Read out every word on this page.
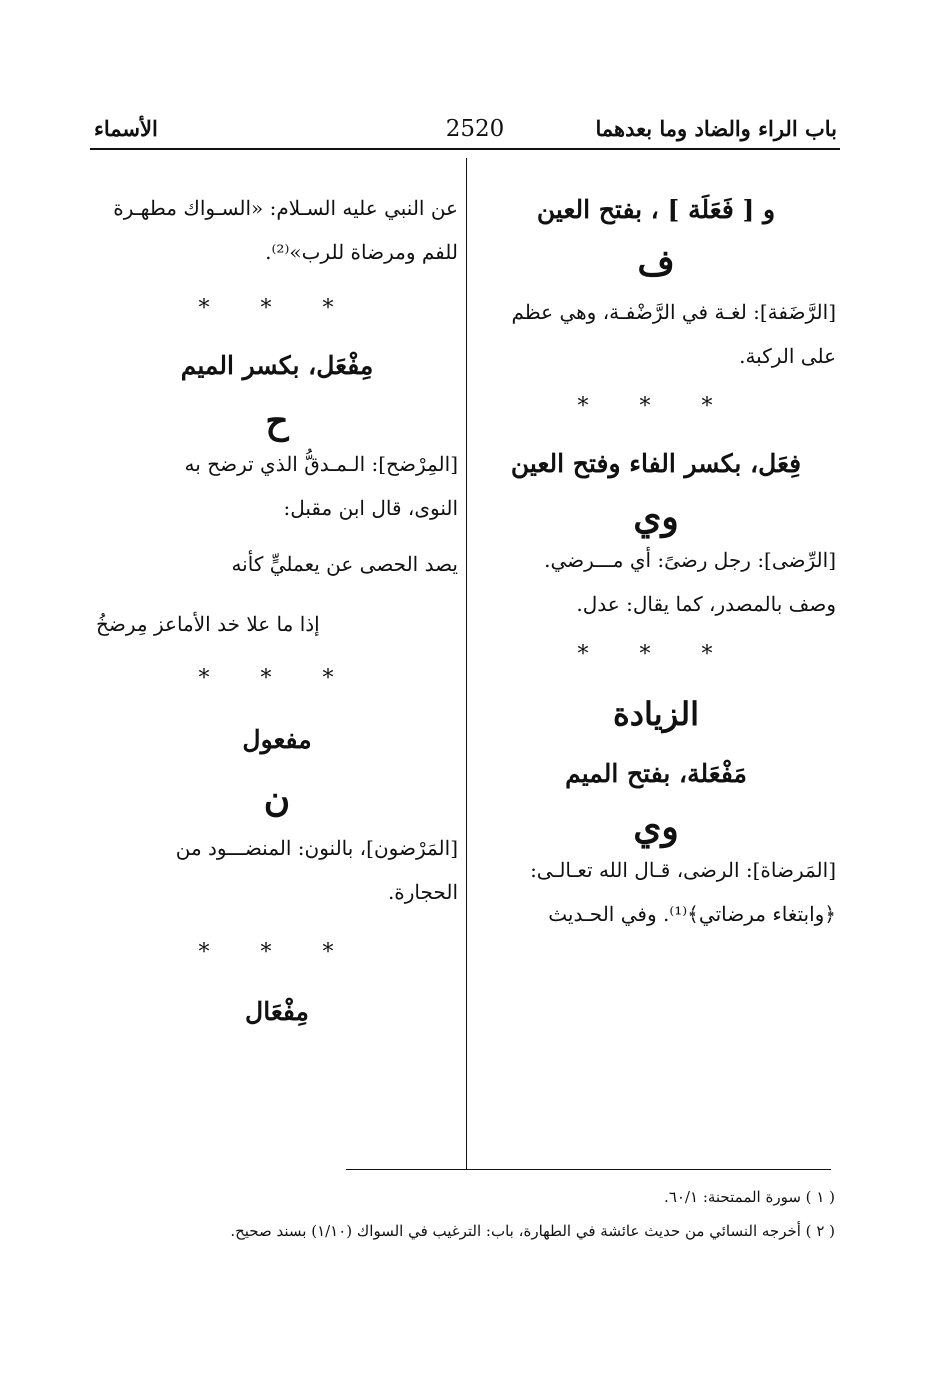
باب الراء والضاد وما بعدهما
2520
الأسماء
و [ فَعَلَة ] ، بفتح العين
ف
[الرَّضَفة]: لغـة في الرَّضْفـة، وهي عظم
على الركبة.
* * *
فِعَل، بكسر الفاء وفتح العين
وي
[الرِّضى]: رجل رضىً: أي مـــرضي.
وصف بالمصدر، كما يقال: عدل.
* * *
الزيادة
مَفْعَلة، بفتح الميم
وي
[المَرضاة]: الرضى، قـال الله تعـالـى:
﴿وابتغاء مرضاتي﴾⁽¹⁾. وفي الحـديث
عن النبي عليه السـلام: «السـواك مطهـرة
للفم ومرضاة للرب»⁽²⁾.
* * *
مِفْعَل، بكسر الميم
ح
[المِرْضح]: الـمـدقُّ الذي ترضح به
النوى، قال ابن مقبل:
يصد الحصى عن يعمليٍّ كأنه
إذا ما علا خد الأماعز مِرضخُ
* * *
مفعول
ن
[المَرْضون]، بالنون: المنضـــود من
الحجارة.
* * *
مِفْعَال
( ١ ) سورة الممتحنة: ٦٠/١.
( ٢ ) أخرجه النسائي من حديث عائشة في الطهارة، باب: الترغيب في السواك (١/١٠) بسند صحيح.
